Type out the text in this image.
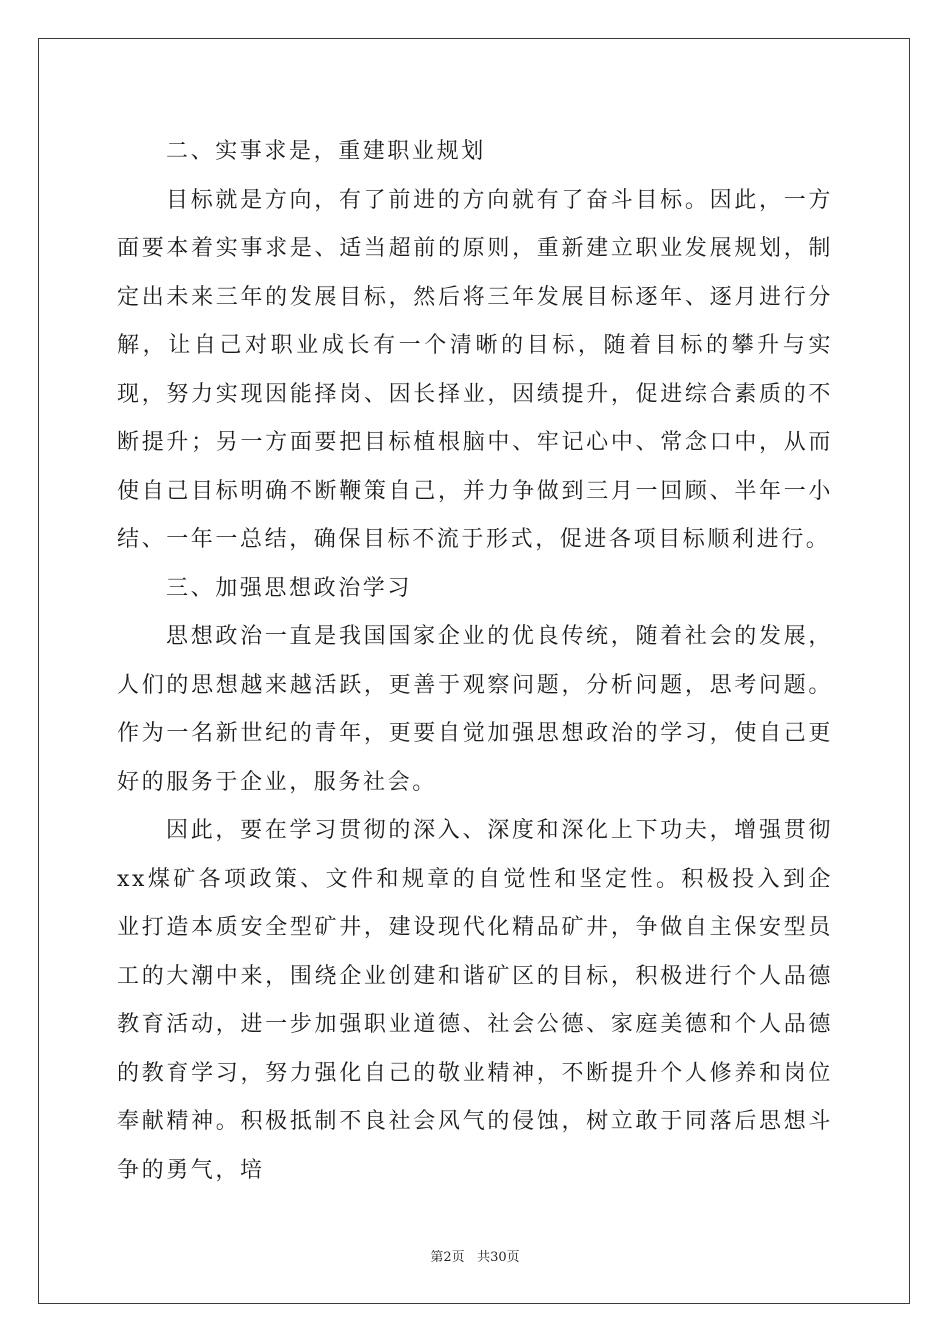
二、实事求是，重建职业规划

目标就是方向，有了前进的方向就有了奋斗目标。因此，一方面要本着实事求是、适当超前的原则，重新建立职业发展规划，制定出未来三年的发展目标，然后将三年发展目标逐年、逐月进行分解，让自己对职业成长有一个清晰的目标，随着目标的攀升与实现，努力实现因能择岗、因长择业，因绩提升，促进综合素质的不断提升；另一方面要把目标植根脑中、牢记心中、常念口中，从而使自己目标明确不断鞭策自己，并力争做到三月一回顾、半年一小结、一年一总结，确保目标不流于形式，促进各项目标顺利进行。

三、加强思想政治学习

思想政治一直是我国国家企业的优良传统，随着社会的发展，人们的思想越来越活跃，更善于观察问题，分析问题，思考问题。作为一名新世纪的青年，更要自觉加强思想政治的学习，使自己更好的服务于企业，服务社会。

因此，要在学习贯彻的深入、深度和深化上下功夫，增强贯彻xx煤矿各项政策、文件和规章的自觉性和坚定性。积极投入到企业打造本质安全型矿井，建设现代化精品矿井，争做自主保安型员工的大潮中来，围绕企业创建和谐矿区的目标，积极进行个人品德教育活动，进一步加强职业道德、社会公德、家庭美德和个人品德的教育学习，努力强化自己的敬业精神，不断提升个人修养和岗位奉献精神。积极抵制不良社会风气的侵蚀，树立敢于同落后思想斗争的勇气，培

第2页 共30页
